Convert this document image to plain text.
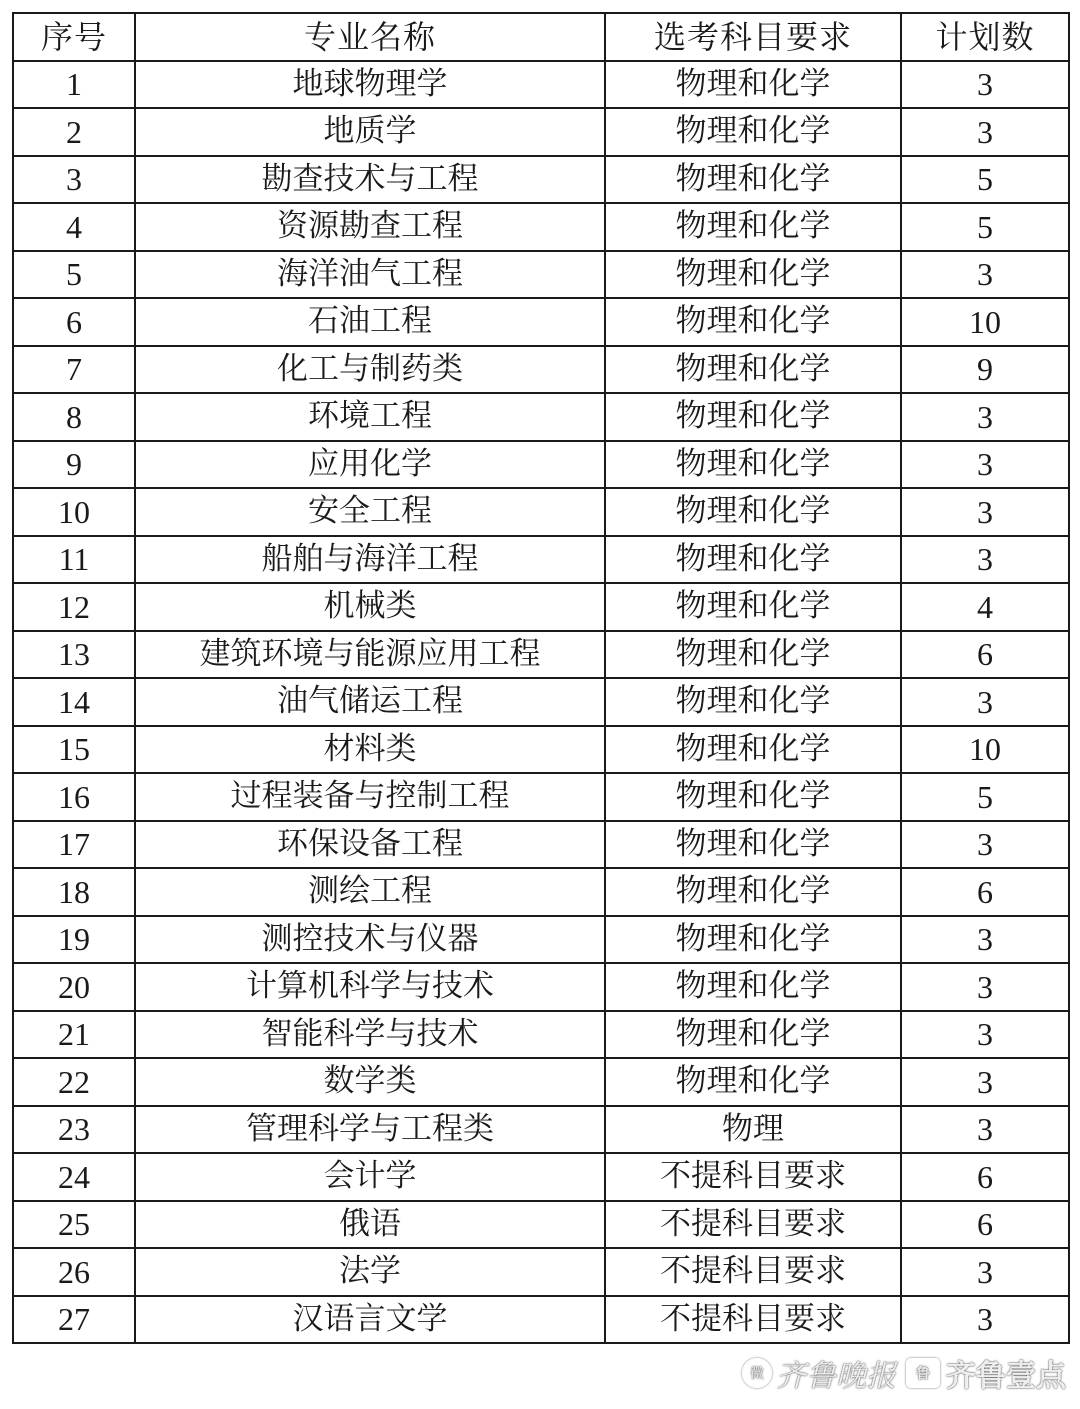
序号	专业名称	选考科目要求	计划数
1	地球物理学	物理和化学	3
2	地质学	物理和化学	3
3	勘查技术与工程	物理和化学	5
4	资源勘查工程	物理和化学	5
5	海洋油气工程	物理和化学	3
6	石油工程	物理和化学	10
7	化工与制药类	物理和化学	9
8	环境工程	物理和化学	3
9	应用化学	物理和化学	3
10	安全工程	物理和化学	3
11	船舶与海洋工程	物理和化学	3
12	机械类	物理和化学	4
13	建筑环境与能源应用工程	物理和化学	6
14	油气储运工程	物理和化学	3
15	材料类	物理和化学	10
16	过程装备与控制工程	物理和化学	5
17	环保设备工程	物理和化学	3
18	测绘工程	物理和化学	6
19	测控技术与仪器	物理和化学	3
20	计算机科学与技术	物理和化学	3
21	智能科学与技术	物理和化学	3
22	数学类	物理和化学	3
23	管理科学与工程类	物理	3
24	会计学	不提科目要求	6
25	俄语	不提科目要求	6
26	法学	不提科目要求	3
27	汉语言文学	不提科目要求	3
微 齐鲁晚报	鲁 齐鲁壹点
